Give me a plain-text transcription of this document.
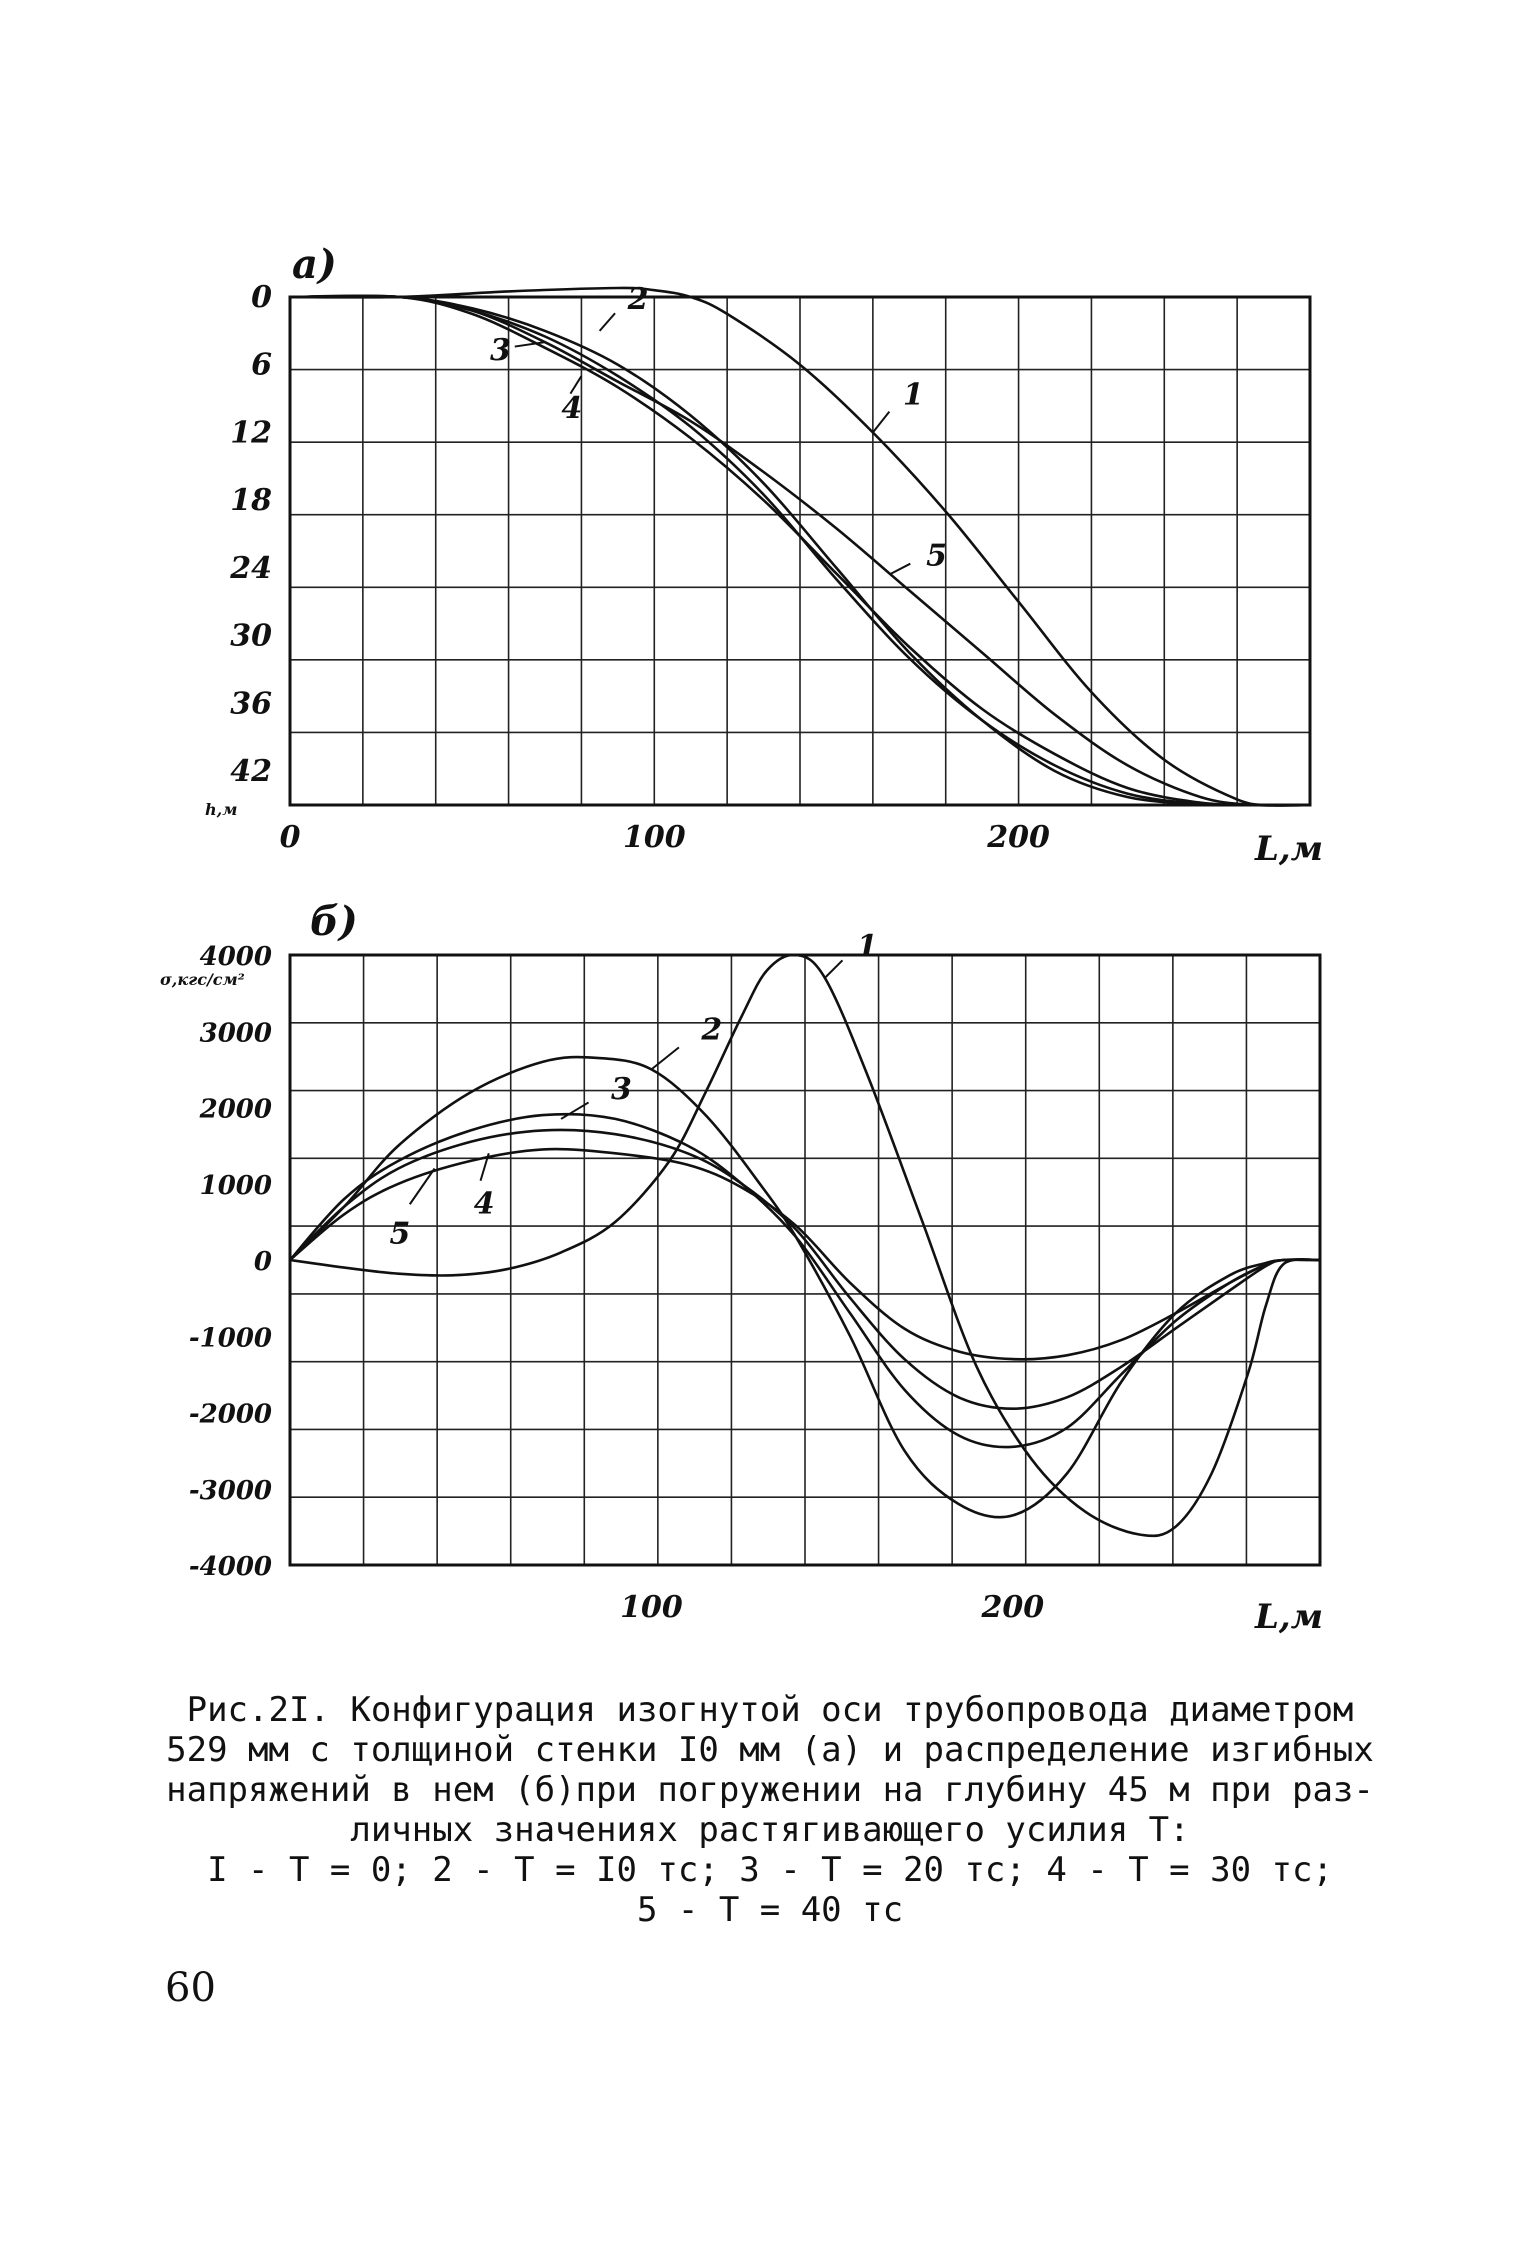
1
2
3
4
5
0
6
12
18
24
30
36
42
0	100	200
h,м
L,м
а)
1
2
3
4
5
4000
3000
2000
1000
0
-1000
-2000
-3000
-4000
100	200
σ,кгс/см²
L,м
б)

Рис.2I. Конфигурация изогнутой оси трубопровода диаметром

529 мм с толщиной стенки I0 мм (а) и распределение изгибных

напряжений в нем (б)при погружении на глубину 45 м при раз-

личных значениях растягивающего усилия Т:

I - Т = 0; 2 - Т = I0 тс; 3 - Т = 20 тс; 4 - Т = 30 тс;

5 - Т = 40 тс

60
